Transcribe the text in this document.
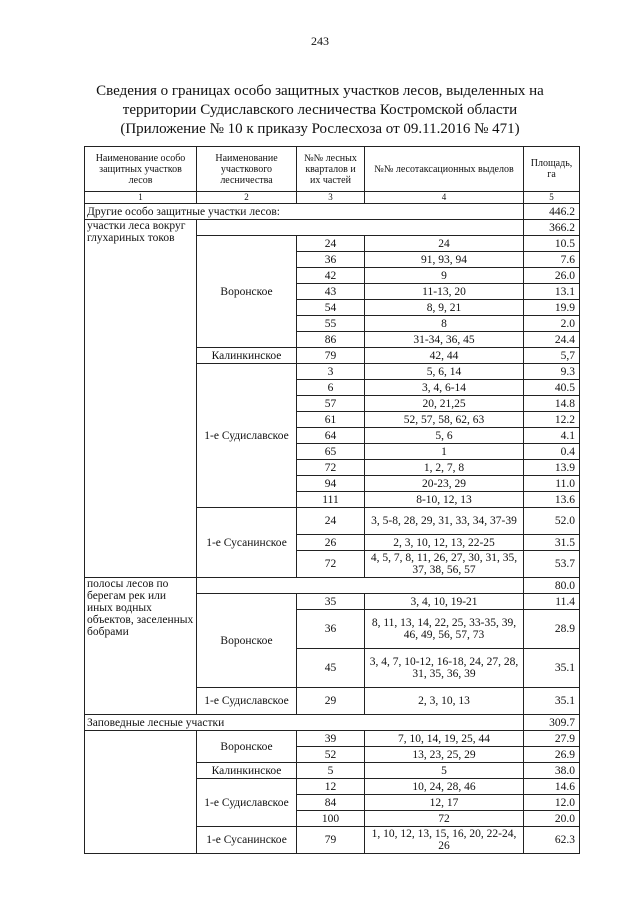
243
Сведения о границах особо защитных участков лесов, выделенных на
территории Судиславского лесничества Костромской области
(Приложение № 10 к приказу Рослесхоза от 09.11.2016 № 471)
Наименование особо защитных участков лесов	Наименование участкового лесничества	№№ лесных кварталов и их частей	№№ лесотаксационных выделов	Площадь, га
1	2	3	4	5
Другие особо защитные участки лесов:				446.2
участки леса вокруг глухариных токов				366.2
	Воронское	24	24	10.5
		36	91, 93, 94	7.6
		42	9	26.0
		43	11-13, 20	13.1
		54	8, 9, 21	19.9
		55	8	2.0
		86	31-34, 36, 45	24.4
	Калинкинское	79	42, 44	5,7
	1-е Судиславское	3	5, 6, 14	9.3
		6	3, 4, 6-14	40.5
		57	20, 21,25	14.8
		61	52, 57, 58, 62, 63	12.2
		64	5, 6	4.1
		65	1	0.4
		72	1, 2, 7, 8	13.9
		94	20-23, 29	11.0
		111	8-10, 12, 13	13.6
	1-е Сусанинское	24	3, 5-8, 28, 29, 31, 33, 34, 37-39	52.0
		26	2, 3, 10, 12, 13, 22-25	31.5
		72	4, 5, 7, 8, 11, 26, 27, 30, 31, 35, 37, 38, 56, 57	53.7
полосы лесов по берегам рек или иных водных объектов, заселенных бобрами				80.0
	Воронское	35	3, 4, 10, 19-21	11.4
		36	8, 11, 13, 14, 22, 25, 33-35, 39, 46, 49, 56, 57, 73	28.9
		45	3, 4, 7, 10-12, 16-18, 24, 27, 28, 31, 35, 36, 39	35.1
	1-е Судиславское	29	2, 3, 10, 13	35.1
Заповедные лесные участки				309.7
	Воронское	39	7, 10, 14, 19, 25, 44	27.9
		52	13, 23, 25, 29	26.9
	Калинкинское	5	5	38.0
	1-е Судиславское	12	10, 24, 28, 46	14.6
		84	12, 17	12.0
		100	72	20.0
	1-е Сусанинское	79	1, 10, 12, 13, 15, 16, 20, 22-24, 26	62.3
